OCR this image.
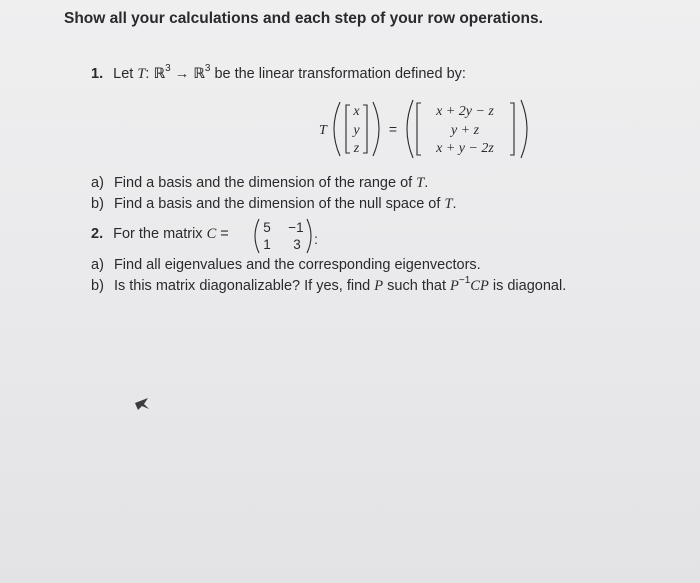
Show all your calculations and each step of your row operations.
1. Let T: ℝ$^3$ → ℝ$^3$ be the linear transformation defined by:
T
x
y
z
x + 2y − z
y + z
x + y − 2z
=
a) Find a basis and the dimension of the range of T.
b) Find a basis and the dimension of the null space of T.
2. For the matrix C =	5 −1
1 3 :
a) Find all eigenvalues and the corresponding eigenvectors.
b) Is this matrix diagonalizable? If yes, find P such that $P^{-1}CP$ is diagonal.
